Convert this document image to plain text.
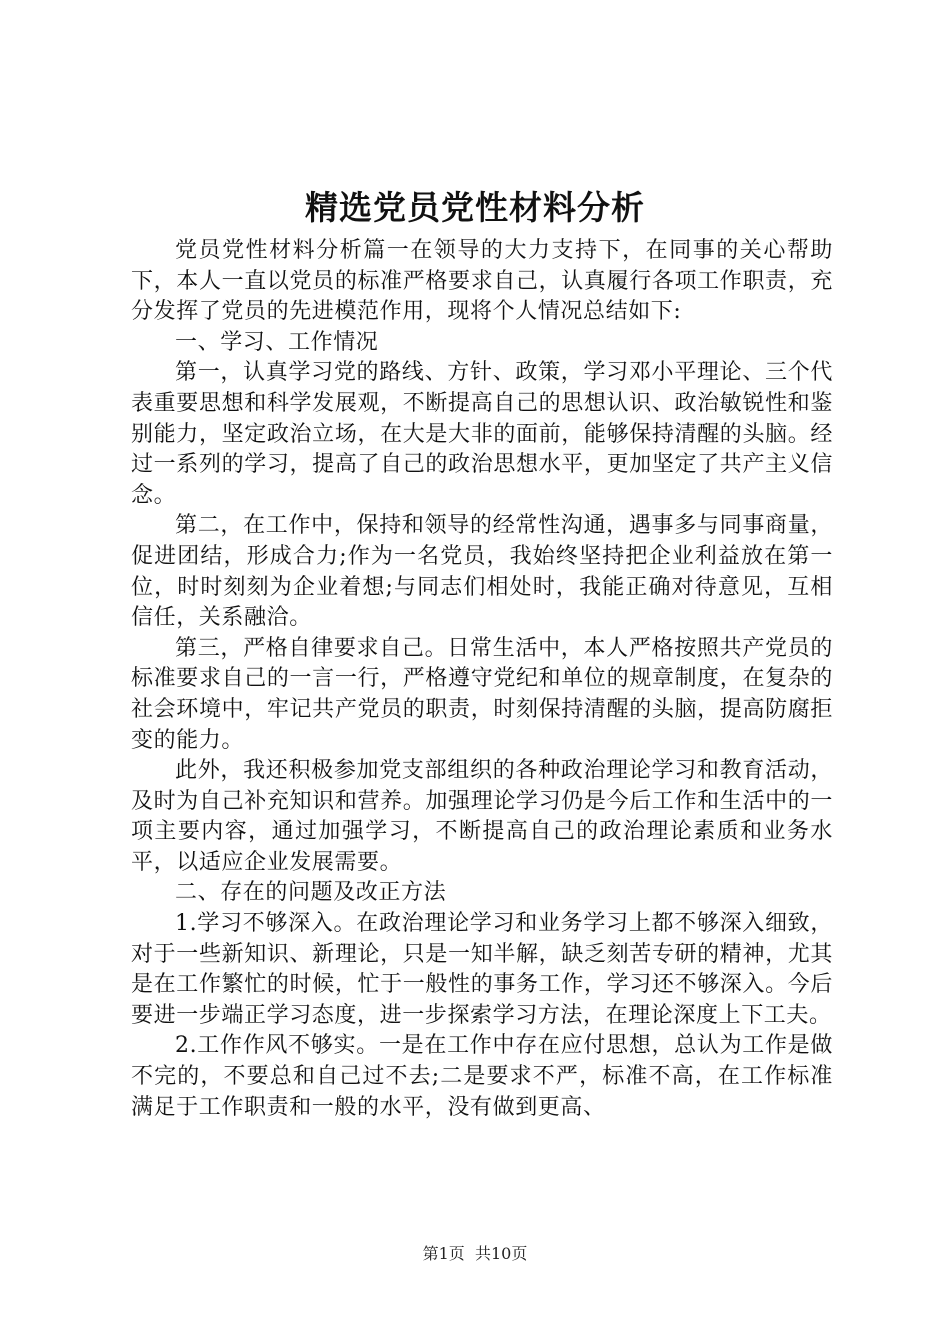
精选党员党性材料分析

党员党性材料分析篇一在领导的大力支持下，在同事的关心帮助下，本人一直以党员的标准严格要求自己，认真履行各项工作职责，充分发挥了党员的先进模范作用，现将个人情况总结如下:

一、学习、工作情况

第一，认真学习党的路线、方针、政策，学习邓小平理论、三个代表重要思想和科学发展观，不断提高自己的思想认识、政治敏锐性和鉴别能力，坚定政治立场，在大是大非的面前，能够保持清醒的头脑。经过一系列的学习，提高了自己的政治思想水平，更加坚定了共产主义信念。

第二，在工作中，保持和领导的经常性沟通，遇事多与同事商量，促进团结，形成合力;作为一名党员，我始终坚持把企业利益放在第一位，时时刻刻为企业着想;与同志们相处时，我能正确对待意见，互相信任，关系融洽。

第三，严格自律要求自己。日常生活中，本人严格按照共产党员的标准要求自己的一言一行，严格遵守党纪和单位的规章制度，在复杂的社会环境中，牢记共产党员的职责，时刻保持清醒的头脑，提高防腐拒变的能力。

此外，我还积极参加党支部组织的各种政治理论学习和教育活动，及时为自己补充知识和营养。加强理论学习仍是今后工作和生活中的一项主要内容，通过加强学习，不断提高自己的政治理论素质和业务水平，以适应企业发展需要。

二、存在的问题及改正方法

1.学习不够深入。在政治理论学习和业务学习上都不够深入细致，对于一些新知识、新理论，只是一知半解，缺乏刻苦专研的精神，尤其是在工作繁忙的时候，忙于一般性的事务工作，学习还不够深入。今后要进一步端正学习态度，进一步探索学习方法，在理论深度上下工夫。

2.工作作风不够实。一是在工作中存在应付思想，总认为工作是做不完的，不要总和自己过不去;二是要求不严，标准不高，在工作标准满足于工作职责和一般的水平，没有做到更高、

第1页 共10页
